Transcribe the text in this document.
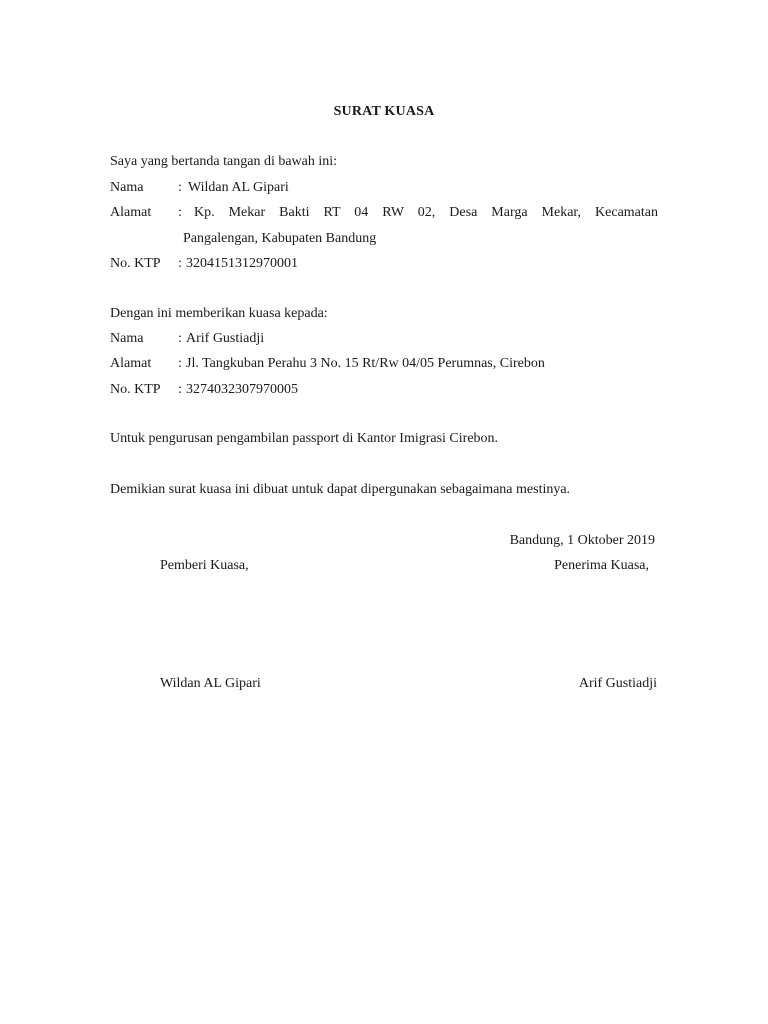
SURAT KUASA
Saya yang bertanda tangan di bawah ini:
Nama : Wildan AL Gipari
Alamat : Kp. Mekar Bakti RT 04 RW 02, Desa Marga Mekar, Kecamatan
Pangalengan, Kabupaten Bandung
No. KTP : 3204151312970001
Dengan ini memberikan kuasa kepada:
Nama : Arif Gustiadji
Alamat : Jl. Tangkuban Perahu 3 No. 15 Rt/Rw 04/05 Perumnas, Cirebon
No. KTP : 3274032307970005
Untuk pengurusan pengambilan passport di Kantor Imigrasi Cirebon.
Demikian surat kuasa ini dibuat untuk dapat dipergunakan sebagaimana mestinya.
Bandung, 1 Oktober 2019
Pemberi Kuasa,	Penerima Kuasa,
Wildan AL Gipari	Arif Gustiadji
